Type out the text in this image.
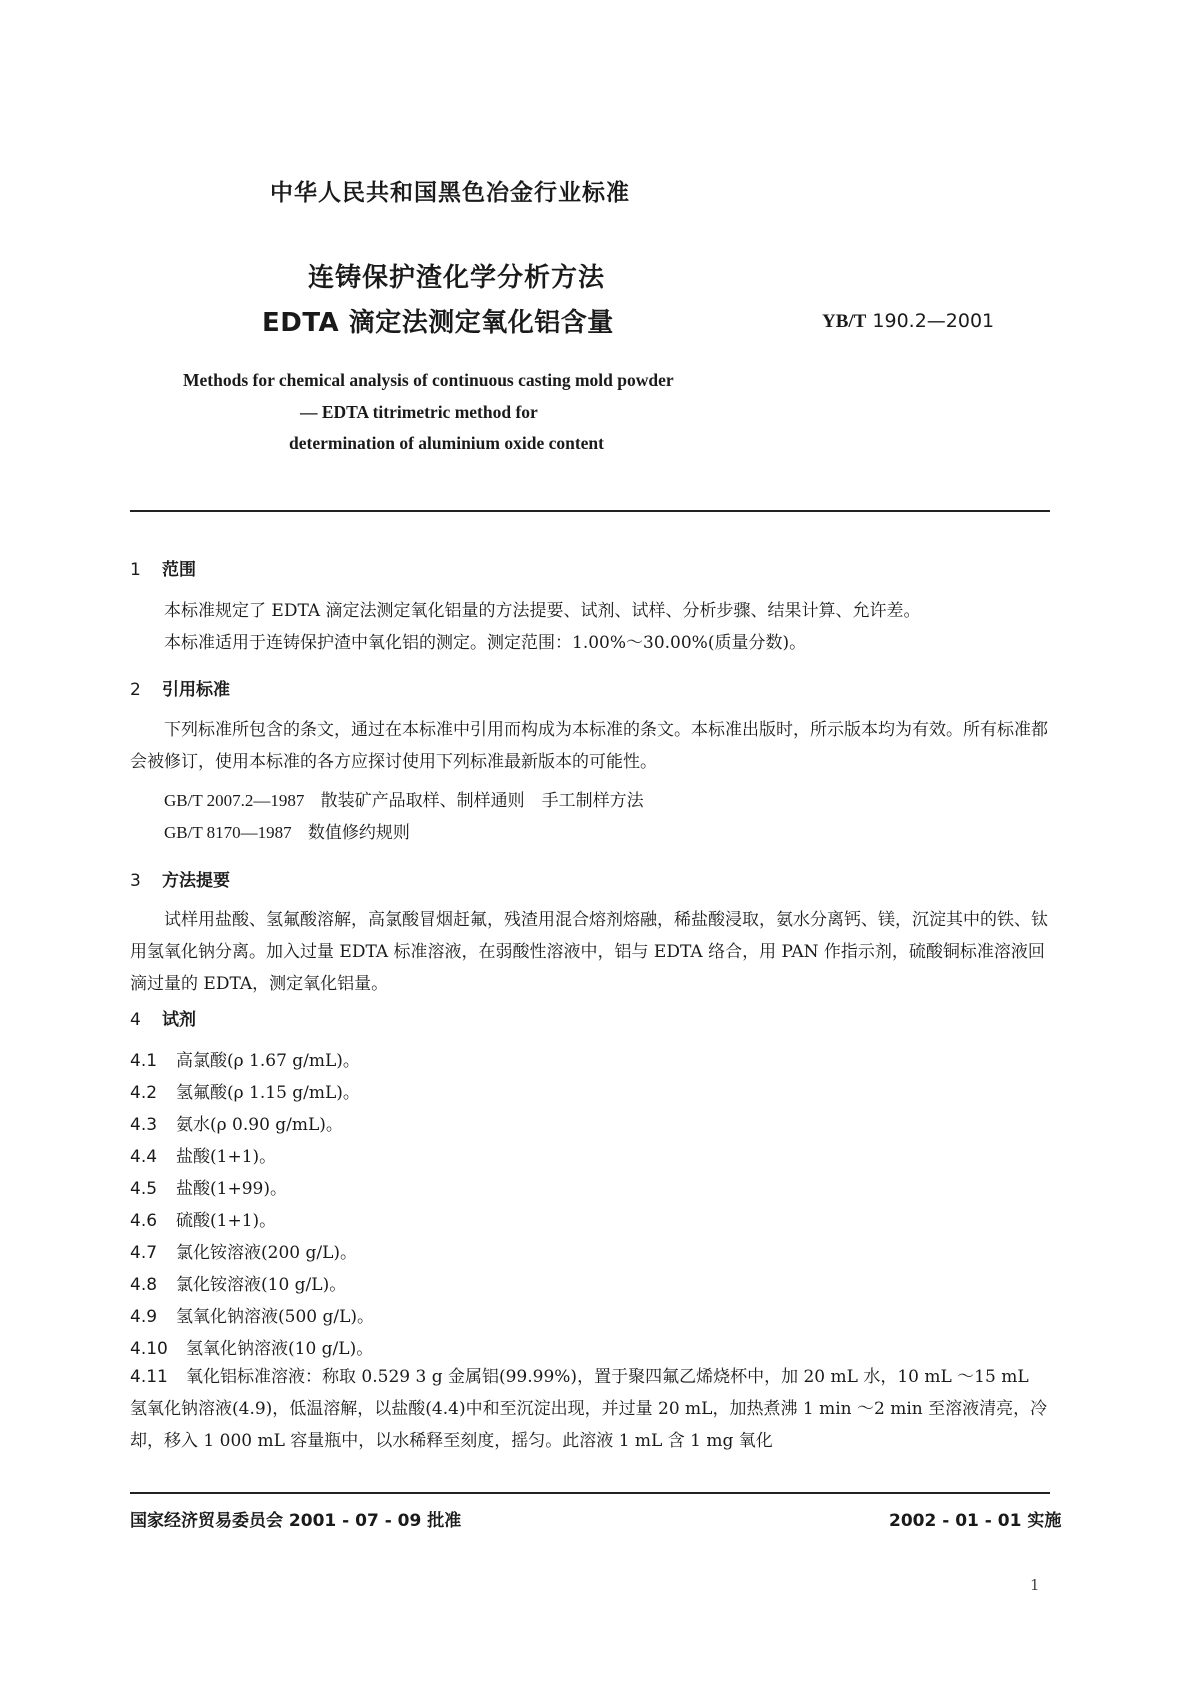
中华人民共和国黑色冶金行业标准
连铸保护渣化学分析方法
EDTA 滴定法测定氧化铝含量	YB/T 190.2—2001
Methods for chemical analysis of continuous casting mold powder
— EDTA titrimetric method for
determination of aluminium oxide content
1 范围
本标准规定了 EDTA 滴定法测定氧化铝量的方法提要、试剂、试样、分析步骤、结果计算、允许差。
本标准适用于连铸保护渣中氧化铝的测定。测定范围：1.00%～30.00%(质量分数)。
2 引用标准
下列标准所包含的条文，通过在本标准中引用而构成为本标准的条文。本标准出版时，所示版本均为有效。所有标准都会被修订，使用本标准的各方应探讨使用下列标准最新版本的可能性。
GB/T 2007.2—1987 散装矿产品取样、制样通则　手工制样方法
GB/T 8170—1987 数值修约规则
3 方法提要
试样用盐酸、氢氟酸溶解，高氯酸冒烟赶氟，残渣用混合熔剂熔融，稀盐酸浸取，氨水分离钙、镁，沉淀其中的铁、钛用氢氧化钠分离。加入过量 EDTA 标准溶液，在弱酸性溶液中，铝与 EDTA 络合，用 PAN 作指示剂，硫酸铜标准溶液回滴过量的 EDTA，测定氧化铝量。
4 试剂
4.1 高氯酸(ρ 1.67 g/mL)。
4.2 氢氟酸(ρ 1.15 g/mL)。
4.3 氨水(ρ 0.90 g/mL)。
4.4 盐酸(1+1)。
4.5 盐酸(1+99)。
4.6 硫酸(1+1)。
4.7 氯化铵溶液(200 g/L)。
4.8 氯化铵溶液(10 g/L)。
4.9 氢氧化钠溶液(500 g/L)。
4.10 氢氧化钠溶液(10 g/L)。
4.11 氧化铝标准溶液：称取 0.529 3 g 金属铝(99.99%)，置于聚四氟乙烯烧杯中，加 20 mL 水，10 mL ～15 mL 氢氧化钠溶液(4.9)，低温溶解，以盐酸(4.4)中和至沉淀出现，并过量 20 mL，加热煮沸 1 min ～2 min 至溶液清亮，冷却，移入 1 000 mL 容量瓶中，以水稀释至刻度，摇匀。此溶液 1 mL 含 1 mg 氧化
国家经济贸易委员会 2001 - 07 - 09 批准	2002 - 01 - 01 实施
1
